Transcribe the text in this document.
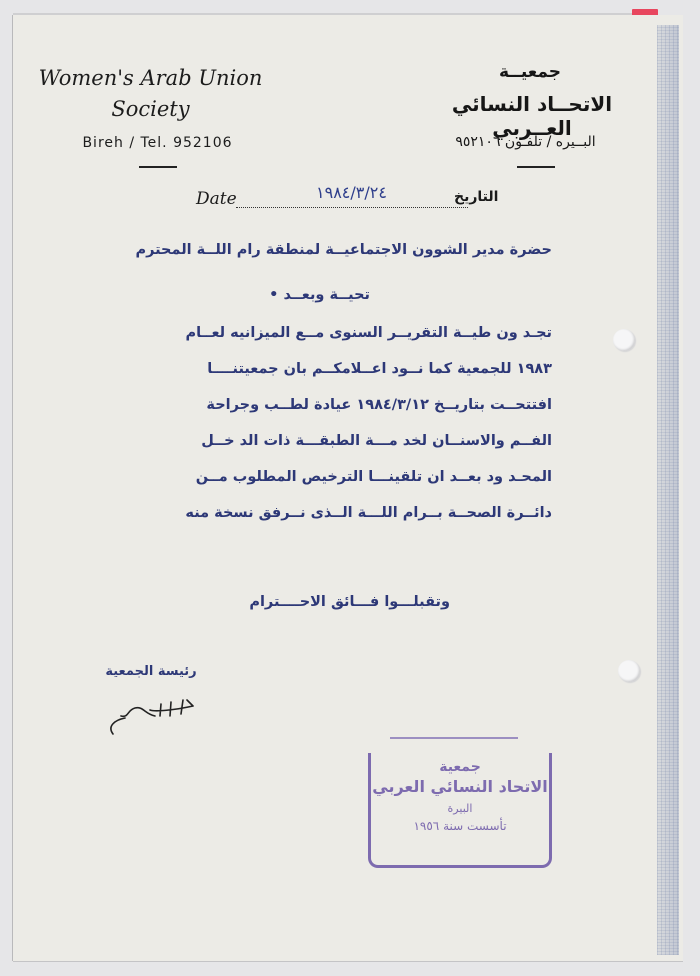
Women's Arab Union
Society
Bireh / Tel. 952106
جمعيــة
الاتحــاد النسائي العــربي
البــيره / تلفـون ٩٥٢١٠٦
Date	١٩٨٤/٣/٢٤	التاريخ
حضرة مدير الشوون الاجتماعيــة لمنطقة رام اللــة المحترم
تحيــة وبعــد •
تجـد ون طيــة التقريــر السنوى مــع الميزانيه لعــام
١٩٨٣ للجمعية كما نــود اعــلامكــم بان جمعيتنــــا
افتتحــت بتاريــخ ١٩٨٤/٣/١٢ عيادة لطــب وجراحة
الفــم والاسنــان لخد مـــة الطبقـــة ذات الد خــل
المحـد ود بعــد ان تلقينـــا الترخيص المطلوب مــن
دائــرة الصحــة بــرام اللـــة الــذى نــرفق نسخة منه
وتقبلـــوا فـــائق الاحــــترام
رئيسة الجمعية
جمعية
الاتحاد النسائي العربي
البيرة
تأسست سنة ١٩٥٦
